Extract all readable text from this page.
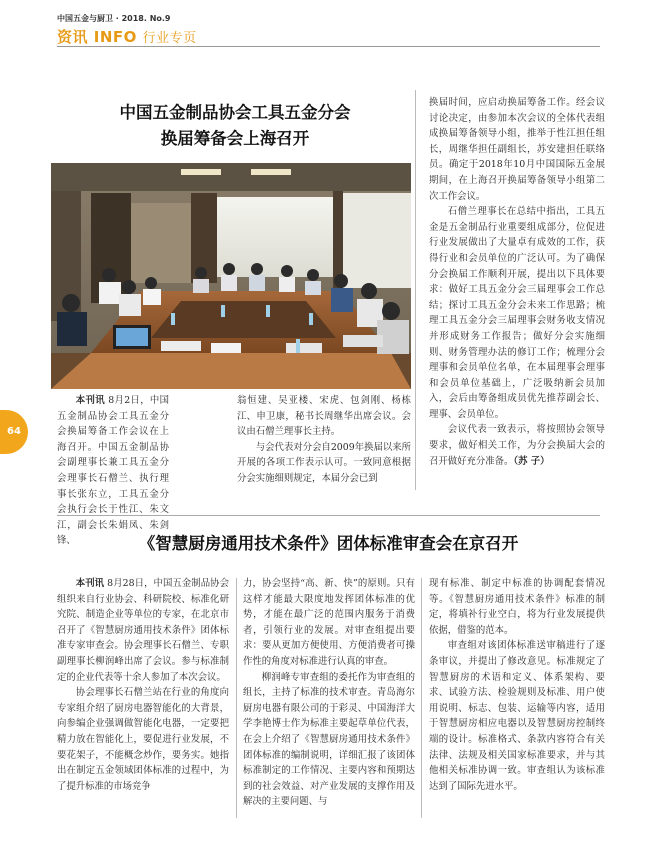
中国五金与厨卫 · 2018. No.9
资讯 INFO 行业专页
中国五金制品协会工具五金分会
换届筹备会上海召开

本刊讯 8月2日，中国五金制品协会工具五金分会换届筹备工作会议在上海召开。中国五金制品协会副理事长兼工具五金分会理事长石僧兰、执行理事长张东立，工具五金分会执行会长于性江、朱文江，副会长朱娟凤、朱剑锋、

翁恒建、吴亚楼、宋虎、包剑刚、杨栋江、申卫康，秘书长周继华出席会议。会议由石僧兰理事长主持。

与会代表对分会自2009年换届以来所开展的各项工作表示认可。一致同意根据分会实施细则规定，本届分会已到

换届时间，应启动换届筹备工作。经会议讨论决定，由参加本次会议的全体代表组成换届筹备领导小组，推举于性江担任组长，周继华担任副组长，苏安建担任联络员。确定于2018年10月中国国际五金展期间，在上海召开换届筹备领导小组第二次工作会议。

石僧兰理事长在总结中指出，工具五金是五金制品行业重要组成部分，位促进行业发展做出了大量卓有成效的工作，获得行业和会员单位的广泛认可。为了确保分会换届工作顺利开展，提出以下具体要求：做好工具五金分会三届理事会工作总结；探讨工具五金分会未来工作思路；梳理工具五金分会三届理事会财务收支情况并形成财务工作报告；做好分会实施细则、财务管理办法的修订工作；梳理分会理事和会员单位名单，在本届理事会理事和会员单位基础上，广泛吸纳新会员加入，会后由筹备组成员优先推荐副会长、理事、会员单位。

会议代表一致表示，将按照协会领导要求，做好相关工作，为分会换届大会的召开做好充分准备。（苏 子）

64
《智慧厨房通用技术条件》团体标准审查会在京召开

本刊讯 8月28日，中国五金制品协会组织来自行业协会、科研院校、标准化研究院、制造企业等单位的专家，在北京市召开了《智慧厨房通用技术条件》团体标准专家审查会。协会理事长石僧兰、专职副理事长柳润峰出席了会议。参与标准制定的企业代表等十余人参加了本次会议。

协会理事长石僧兰站在行业的角度向专家组介绍了厨房电器智能化的大背景，向参编企业强调做智能化电器，一定要把精力放在智能化上，要促进行业发展，不要花架子，不能概念炒作，要务实。她指出在制定五金领域团体标准的过程中，为了提升标准的市场竞争

力，协会坚持“高、新、快”的原则。只有这样才能最大限度地发挥团体标准的优势，才能在最广泛的范围内服务于消费者，引领行业的发展。对审查组提出要求：要从更加方便使用、方便消费者可操作性的角度对标准进行认真的审查。

柳润峰专审查组的委托作为审查组的组长，主持了标准的技术审查。青岛海尔厨房电器有限公司的于彩灵、中国海洋大学李艳博士作为标准主要起草单位代表，在会上介绍了《智慧厨房通用技术条件》团体标准的编制说明，详细汇报了该团体标准制定的工作情况、主要内容和预期达到的社会效益、对产业发展的支撑作用及解决的主要问题、与

现有标准、制定中标准的协调配套情况等。《智慧厨房通用技术条件》标准的制定，将填补行业空白，将为行业发展提供依据，借鉴的范本。

审查组对该团体标准送审稿进行了逐条审议，并提出了修改意见。标准规定了智慧厨房的术语和定义、体系架构、要求、试验方法、检验规则及标准、用户使用说明、标志、包装、运输等内容，适用于智慧厨房相应电器以及智慧厨房控制终端的设计。标准格式、条款内容符合有关法律、法规及相关国家标准要求，并与其他相关标准协调一致。审查组认为该标准达到了国际先进水平。
